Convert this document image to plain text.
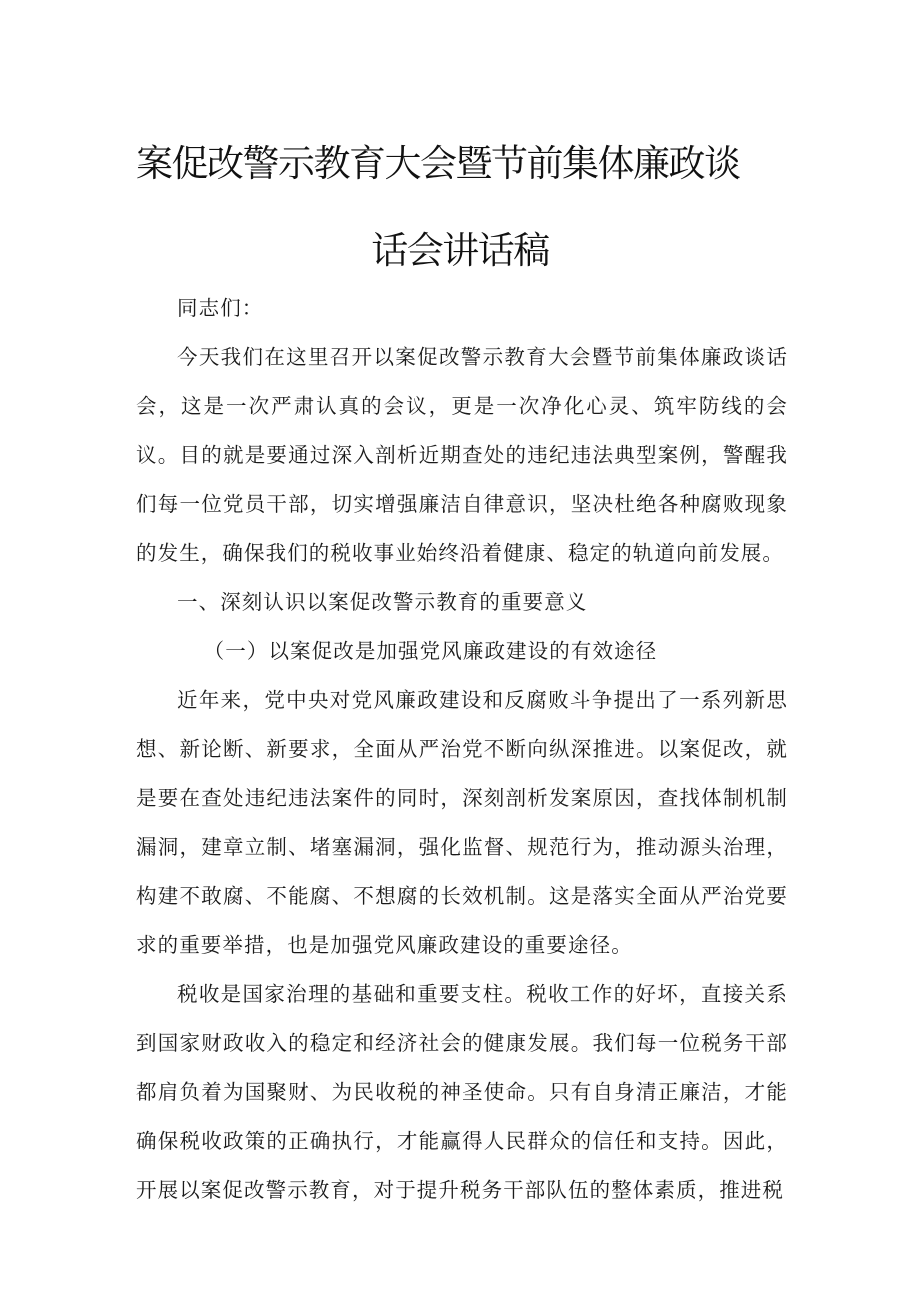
案促改警示教育大会暨节前集体廉政谈
话会讲话稿

同志们：

今天我们在这里召开以案促改警示教育大会暨节前集体廉政谈话会，这是一次严肃认真的会议，更是一次净化心灵、筑牢防线的会议。目的就是要通过深入剖析近期查处的违纪违法典型案例，警醒我们每一位党员干部，切实增强廉洁自律意识，坚决杜绝各种腐败现象的发生，确保我们的税收事业始终沿着健康、稳定的轨道向前发展。

一、深刻认识以案促改警示教育的重要意义

（一）以案促改是加强党风廉政建设的有效途径

近年来，党中央对党风廉政建设和反腐败斗争提出了一系列新思想、新论断、新要求，全面从严治党不断向纵深推进。以案促改，就是要在查处违纪违法案件的同时，深刻剖析发案原因，查找体制机制漏洞，建章立制、堵塞漏洞，强化监督、规范行为，推动源头治理，构建不敢腐、不能腐、不想腐的长效机制。这是落实全面从严治党要求的重要举措，也是加强党风廉政建设的重要途径。

税收是国家治理的基础和重要支柱。税收工作的好坏，直接关系到国家财政收入的稳定和经济社会的健康发展。我们每一位税务干部都肩负着为国聚财、为民收税的神圣使命。只有自身清正廉洁，才能确保税收政策的正确执行，才能赢得人民群众的信任和支持。因此，开展以案促改警示教育，对于提升税务干部队伍的整体素质，推进税
